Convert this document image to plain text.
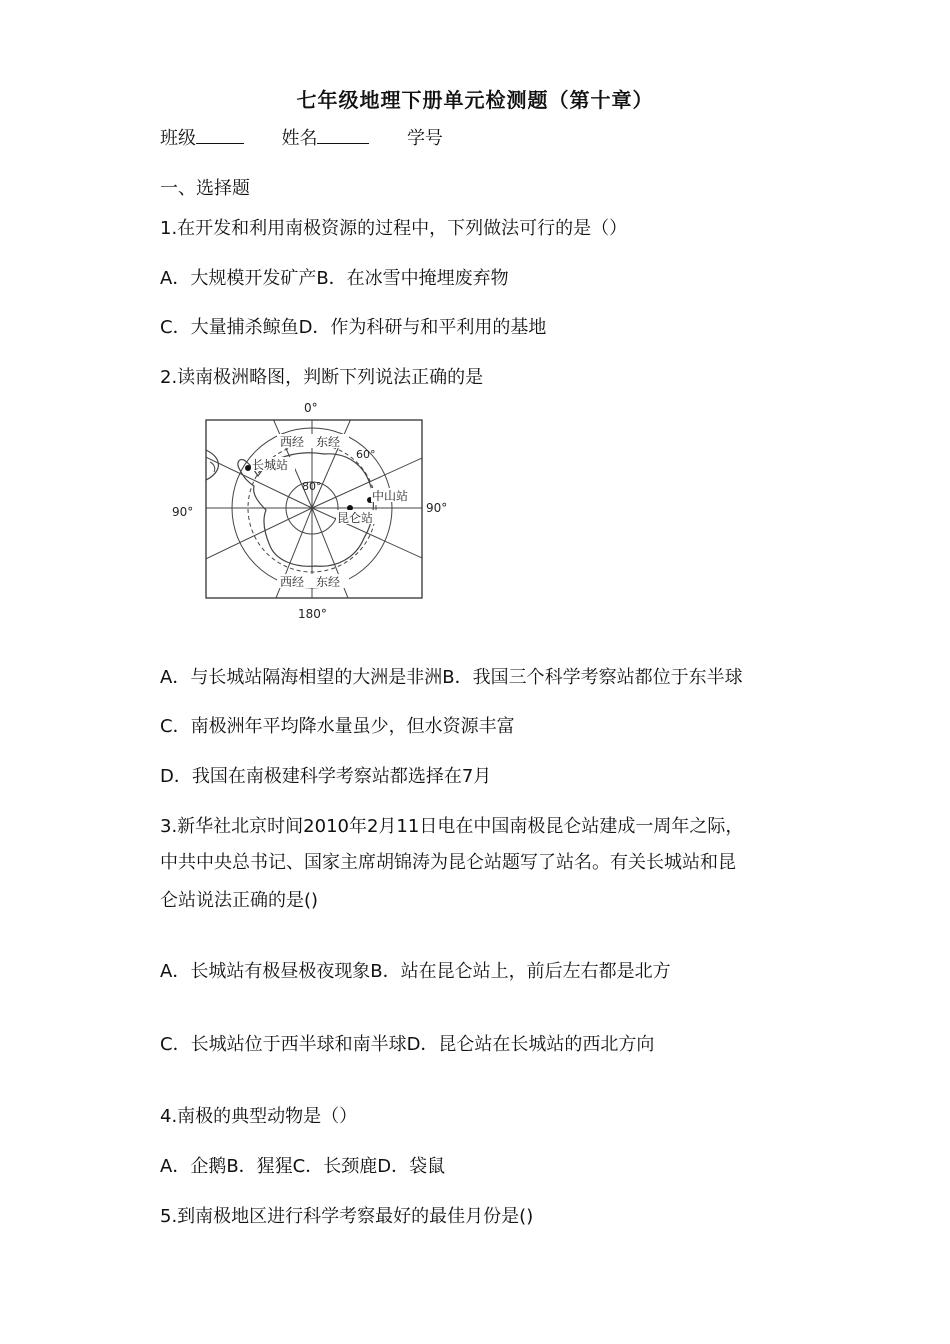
七年级地理下册单元检测题（第十章）
班级	姓名	学号
一、选择题
1.在开发和利用南极资源的过程中，下列做法可行的是（）
A．大规模开发矿产B．在冰雪中掩埋废弃物
C．大量捕杀鲸鱼D．作为科研与和平利用的基地
2.读南极洲略图，判断下列说法正确的是
西经 东经
西经 东经
0°
180°
90°	90°
60°
80°
长城站
中山站
昆仑站
A．与长城站隔海相望的大洲是非洲B．我国三个科学考察站都位于东半球
C．南极洲年平均降水量虽少，但水资源丰富
D．我国在南极建科学考察站都选择在7月
3.新华社北京时间2010年2月11日电在中国南极昆仑站建成一周年之际，
中共中央总书记、国家主席胡锦涛为昆仑站题写了站名。有关长城站和昆
仑站说法正确的是()
A．长城站有极昼极夜现象B．站在昆仑站上，前后左右都是北方
C．长城站位于西半球和南半球D．昆仑站在长城站的西北方向
4.南极的典型动物是（）
A．企鹅B．猩猩C．长颈鹿D．袋鼠
5.到南极地区进行科学考察最好的最佳月份是()
